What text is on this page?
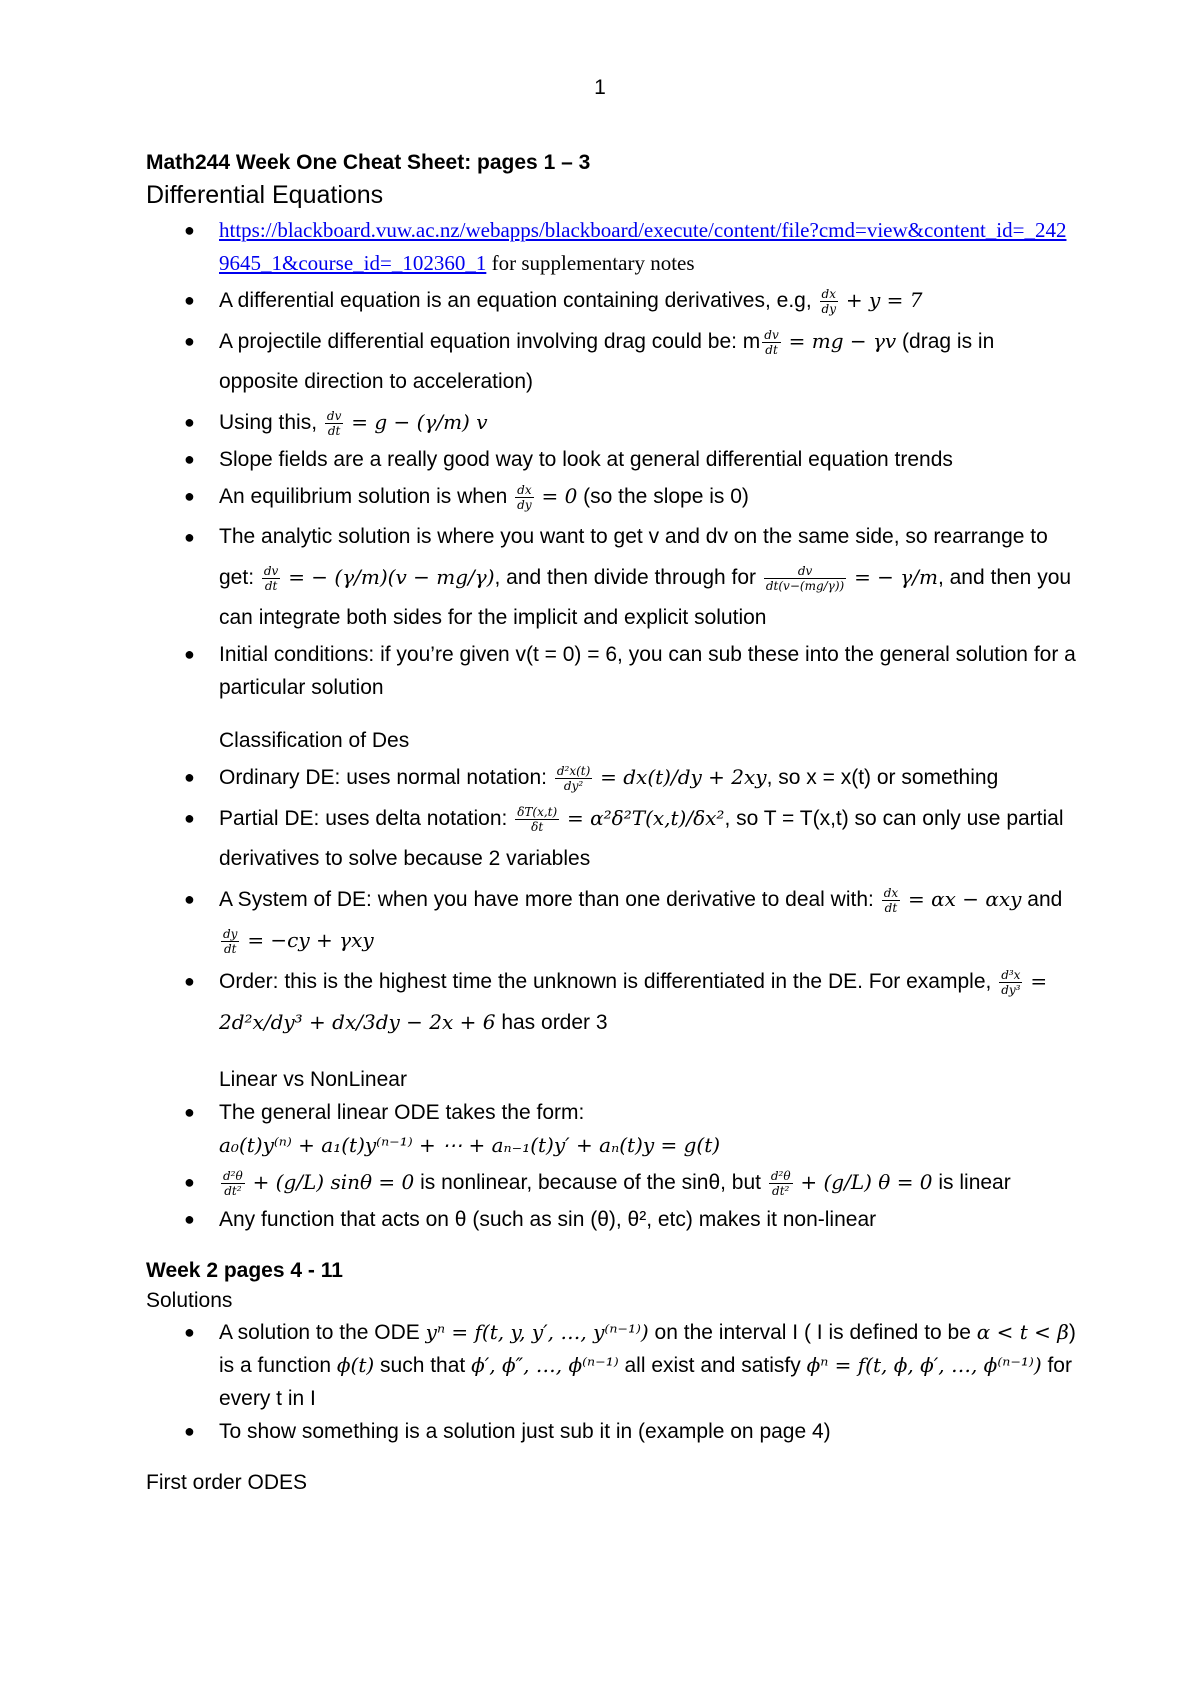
1
Math244 Week One Cheat Sheet: pages 1 – 3
Differential Equations
● https://blackboard.vuw.ac.nz/webapps/blackboard/execute/content/file?cmd=view&content_id=_2429645_1&course_id=_102360_1 for supplementary notes
● A differential equation is an equation containing derivatives, e.g, $\frac{dx}{dy} + y = 7$
● A projectile differential equation involving drag could be: m $\frac{dv}{dt}$ = mg − γv (drag is in opposite direction to acceleration)
● Using this, $\frac{dv}{dt} = g - (\gamma/m)$ v
● Slope fields are a really good way to look at general differential equation trends
● An equilibrium solution is when $\frac{dx}{dy} = 0$ (so the slope is 0)
● The analytic solution is where you want to get v and dv on the same side, so rearrange to get: $\frac{dv}{dt}$ = − (γ/m)(v − mg/γ), and then divide through for $\frac{dv}{dt(v-(mg/\gamma))}$ = − γ/m, and then you can integrate both sides for the implicit and explicit solution
● Initial conditions: if you’re given v(t = 0) = 6, you can sub these into the general solution for a particular solution
Classification of Des
● Ordinary DE: uses normal notation: $\frac{\text{d²x(t)}}{\text{dy²}} = dx(t)/dy + 2xy$, so x = x(t) or something
● Partial DE: uses delta notation: $\frac{\delta T(x,t)}{\delta t} = \alpha^2\delta^2T(x,t)/\delta x^2$, so T = T(x,t) so can only use partial derivatives to solve because 2 variables
● A System of DE: when you have more than one derivative to deal with: $\frac{dx}{dt} = \alpha x - \alpha xy$ and
$\frac{dy}{dt} = -cy + \gamma xy$
● Order: this is the highest time the unknown is differentiated in the DE. For example, $\frac{\text{d³x}}{\text{dy³}} = 2d^2x/dy^3 + dx/3dy - 2x + 6$ has order 3
Linear vs NonLinear
● The general linear ODE takes the form:
a₀(t)y⁽ⁿ⁾ + a₁(t)y⁽ⁿ⁻¹⁾ + ⋯ + aₙ₋₁(t)y′ + aₙ(t)y = g(t)
● $\frac{\text{d²θ}}{\text{dt²}} + (g/L) \sin\theta = 0$ is nonlinear, because of the sinθ, but $\frac{\text{d²θ}}{\text{dt²}} + (g/L) \theta = 0$ is linear
● Any function that acts on θ (such as sin (θ), θ², etc) makes it non-linear
Week 2 pages 4 - 11
Solutions
● A solution to the ODE yⁿ = f(t, y, y′, …, y⁽ⁿ⁻¹⁾) on the interval I ( I is defined to be α < t < β) is a function ϕ(t) such that ϕ′, ϕ″, …, ϕ⁽ⁿ⁻¹⁾ all exist and satisfy ϕⁿ = f(t, ϕ, ϕ′, …, ϕ⁽ⁿ⁻¹⁾) for every t in I
● To show something is a solution just sub it in (example on page 4)
First order ODES
